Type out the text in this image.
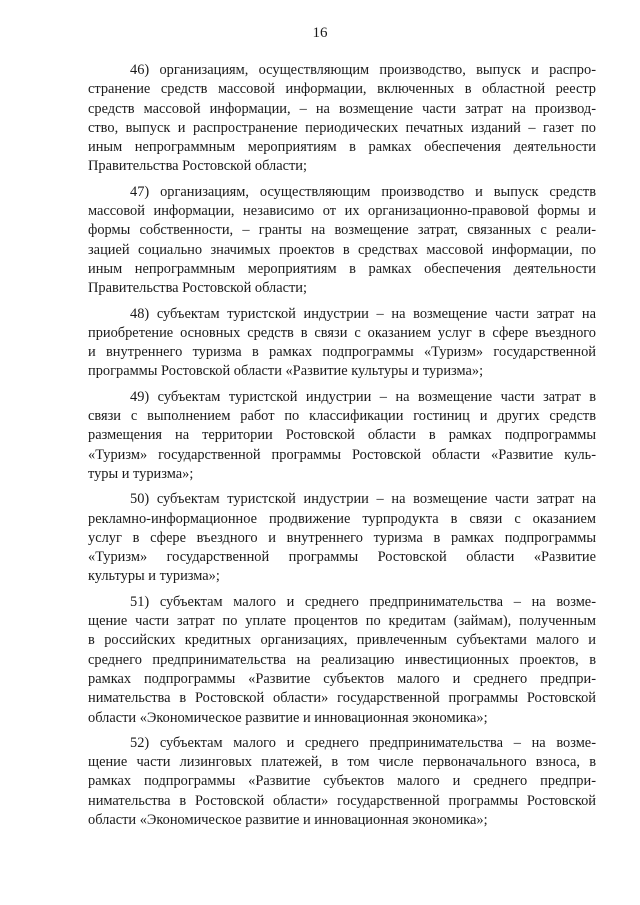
16

46) организациям, осуществляющим производство, выпуск и распро-
странение средств массовой информации, включенных в областной реестр
средств массовой информации, – на возмещение части затрат на производ-
ство, выпуск и распространение периодических печатных изданий – газет по
иным непрограммным мероприятиям в рамках обеспечения деятельности
Правительства Ростовской области;

47) организациям, осуществляющим производство и выпуск средств
массовой информации, независимо от их организационно-правовой формы и
формы собственности, – гранты на возмещение затрат, связанных с реали-
зацией социально значимых проектов в средствах массовой информации, по
иным непрограммным мероприятиям в рамках обеспечения деятельности
Правительства Ростовской области;

48) субъектам туристской индустрии – на возмещение части затрат на
приобретение основных средств в связи с оказанием услуг в сфере въездного
и внутреннего туризма в рамках подпрограммы «Туризм» государственной
программы Ростовской области «Развитие культуры и туризма»;

49) субъектам туристской индустрии – на возмещение части затрат в
связи с выполнением работ по классификации гостиниц и других средств
размещения на территории Ростовской области в рамках подпрограммы
«Туризм» государственной программы Ростовской области «Развитие куль-
туры и туризма»;

50) субъектам туристской индустрии – на возмещение части затрат на
рекламно-информационное продвижение турпродукта в связи с оказанием
услуг в сфере въездного и внутреннего туризма в рамках подпрограммы
«Туризм» государственной программы Ростовской области «Развитие
культуры и туризма»;

51) субъектам малого и среднего предпринимательства – на возме-
щение части затрат по уплате процентов по кредитам (займам), полученным
в российских кредитных организациях, привлеченным субъектами малого и
среднего предпринимательства на реализацию инвестиционных проектов, в
рамках подпрограммы «Развитие субъектов малого и среднего предпри-
нимательства в Ростовской области» государственной программы Ростовской
области «Экономическое развитие и инновационная экономика»;

52) субъектам малого и среднего предпринимательства – на возме-
щение части лизинговых платежей, в том числе первоначального взноса, в
рамках подпрограммы «Развитие субъектов малого и среднего предпри-
нимательства в Ростовской области» государственной программы Ростовской
области «Экономическое развитие и инновационная экономика»;
